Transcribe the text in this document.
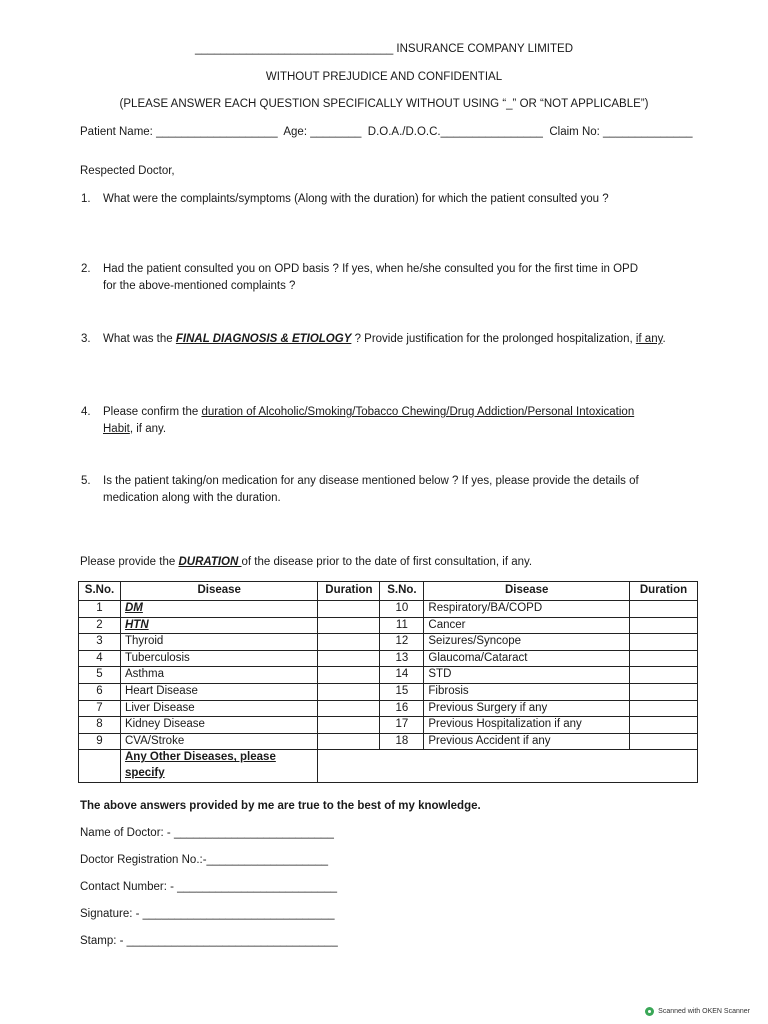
_______________________________ INSURANCE COMPANY LIMITED
WITHOUT PREJUDICE AND CONFIDENTIAL
(PLEASE ANSWER EACH QUESTION SPECIFICALLY WITHOUT USING “_” OR “NOT APPLICABLE”)
Patient Name: ___________________ Age: ________ D.O.A./D.O.C.________________ Claim No: ______________
Respected Doctor,
1. What were the complaints/symptoms (Along with the duration) for which the patient consulted you ?
2. Had the patient consulted you on OPD basis ? If yes, when he/she consulted you for the first time in OPD
for the above-mentioned complaints ?
3. What was the FINAL DIAGNOSIS & ETIOLOGY ? Provide justification for the prolonged hospitalization, if any.
4. Please confirm the duration of Alcoholic/Smoking/Tobacco Chewing/Drug Addiction/Personal Intoxication
Habit, if any.
5. Is the patient taking/on medication for any disease mentioned below ? If yes, please provide the details of
medication along with the duration.
Please provide the DURATION of the disease prior to the date of first consultation, if any.
S.No.	Disease	Duration	S.No.	Disease	Duration
1	DM		10	Respiratory/BA/COPD	
2	HTN		11	Cancer	
3	Thyroid		12	Seizures/Syncope	
4	Tuberculosis		13	Glaucoma/Cataract	
5	Asthma		14	STD	
6	Heart Disease		15	Fibrosis	
7	Liver Disease		16	Previous Surgery if any	
8	Kidney Disease		17	Previous Hospitalization if any	
9	CVA/Stroke		18	Previous Accident if any	
	Any Other Diseases, please specify				
The above answers provided by me are true to the best of my knowledge.
Name of Doctor: - _________________________
Doctor Registration No.:-___________________
Contact Number: - _________________________
Signature: - ______________________________
Stamp: - _________________________________
Scanned with OKEN Scanner
